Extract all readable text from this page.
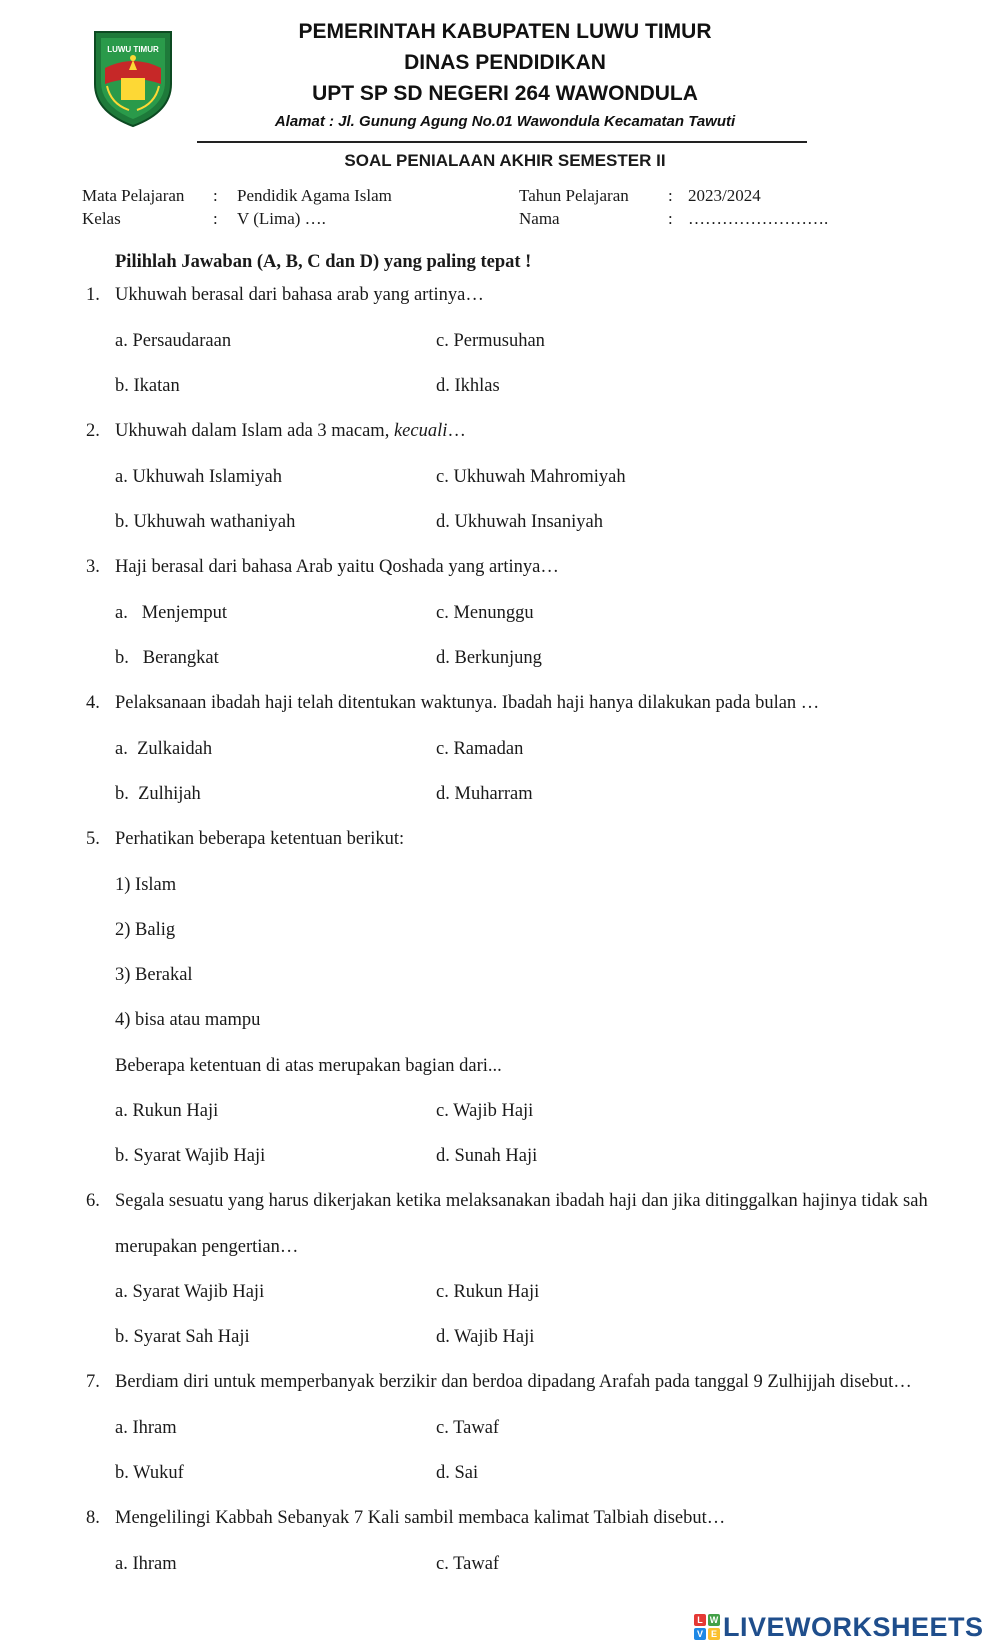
LUWU TIMUR
PEMERINTAH KABUPATEN LUWU TIMUR
DINAS PENDIDIKAN
UPT SP SD NEGERI 264 WAWONDULA
Alamat : Jl. Gunung Agung No.01 Wawondula Kecamatan Tawuti
SOAL PENIALAAN AKHIR SEMESTER II
Mata Pelajaran : Pendidik Agama Islam
Kelas	: V (Lima) ….
Tahun Pelajaran : 2023/2024
Nama	: …………………….
Pilihlah Jawaban (A, B, C dan D) yang paling tepat !
1. Ukhuwah berasal dari bahasa arab yang artinya…
a. Persaudaraan	c. Permusuhan
b. Ikatan	d. Ikhlas
2. Ukhuwah dalam Islam ada 3 macam, kecuali…
a. Ukhuwah Islamiyah	c. Ukhuwah Mahromiyah
b. Ukhuwah wathaniyah	d. Ukhuwah Insaniyah
3. Haji berasal dari bahasa Arab yaitu Qoshada yang artinya…
a.   Menjemput	c. Menunggu
b.   Berangkat	d. Berkunjung
4. Pelaksanaan ibadah haji telah ditentukan waktunya. Ibadah haji hanya dilakukan pada bulan …
a.  Zulkaidah	c. Ramadan
b.  Zulhijah	d. Muharram
5. Perhatikan beberapa ketentuan berikut:
1) Islam
2) Balig
3) Berakal
4) bisa atau mampu
Beberapa ketentuan di atas merupakan bagian dari...
a. Rukun Haji	c. Wajib Haji
b. Syarat Wajib Haji	d. Sunah Haji
6. Segala sesuatu yang harus dikerjakan ketika melaksanakan ibadah haji dan jika ditinggalkan hajinya tidak sah
merupakan pengertian…
a. Syarat Wajib Haji	c. Rukun Haji
b. Syarat Sah Haji	d. Wajib Haji
7. Berdiam diri untuk memperbanyak berzikir dan berdoa dipadang Arafah pada tanggal 9 Zulhijjah disebut…
a. Ihram	c. Tawaf
b. Wukuf	d. Sai
8. Mengelilingi Kabbah Sebanyak 7 Kali sambil membaca kalimat Talbiah disebut…
a. Ihram	c. Tawaf
L W
V E LIVEWORKSHEETS
